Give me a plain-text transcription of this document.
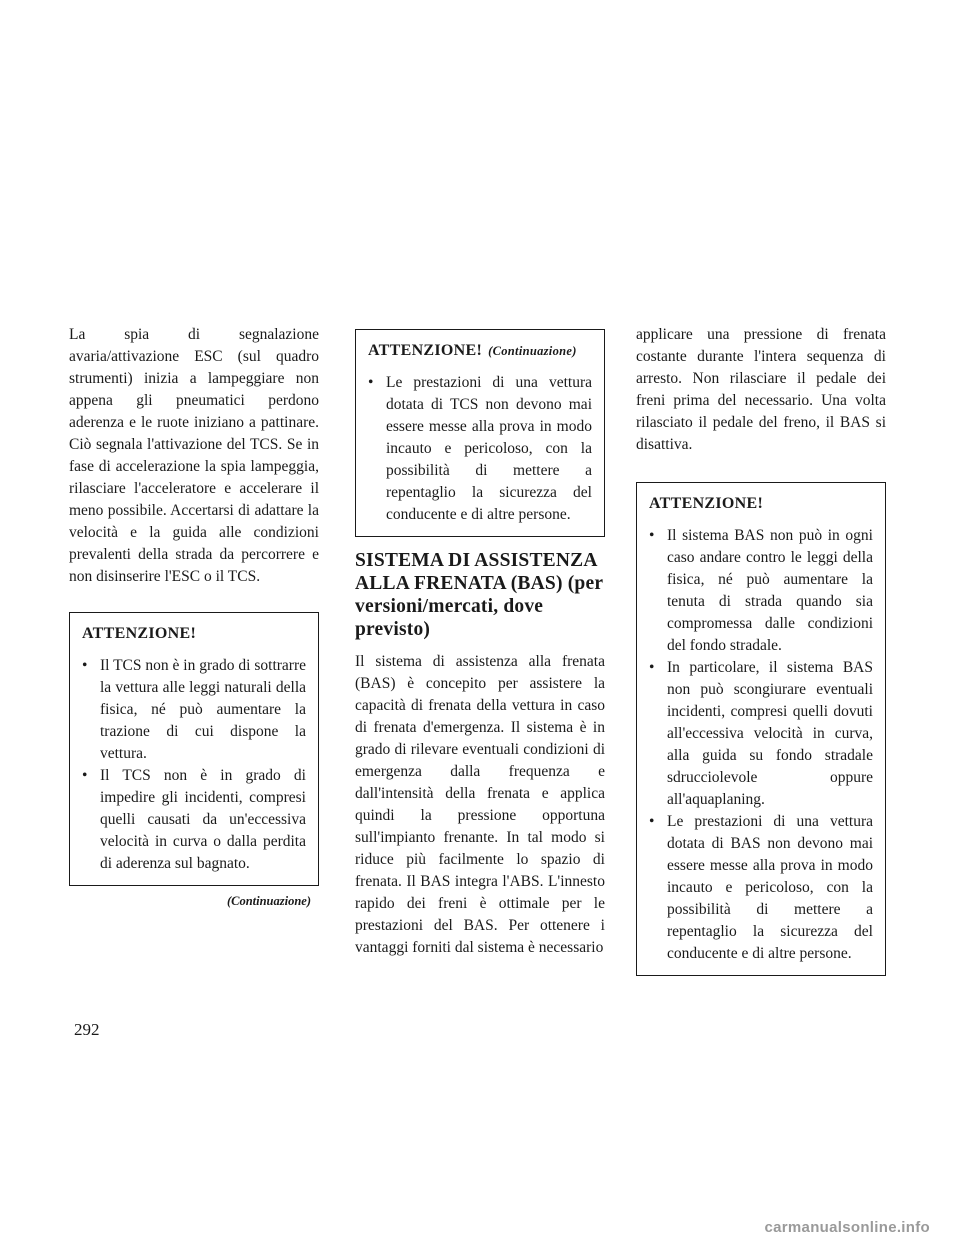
La spia di segnalazione avaria/attivazione ESC (sul quadro strumenti) inizia a lampeggiare non appena gli pneumatici perdono aderenza e le ruote iniziano a pattinare. Ciò segnala l'attivazione del TCS. Se in fase di accelerazione la spia lampeggia, rilasciare l'acceleratore e accelerare il meno possibile. Accertarsi di adattare la velocità e la guida alle condizioni prevalenti della strada da percorrere e non disinserire l'ESC o il TCS.

ATTENZIONE!
• Il TCS non è in grado di sottrarre la vettura alle leggi naturali della fisica, né può aumentare la trazione di cui dispone la vettura.
• Il TCS non è in grado di impedire gli incidenti, compresi quelli causati da un'eccessiva velocità in curva o dalla perdita di aderenza sul bagnato.
(Continuazione)
ATTENZIONE! (Continuazione)
• Le prestazioni di una vettura dotata di TCS non devono mai essere messe alla prova in modo incauto e pericoloso, con la possibilità di mettere a repentaglio la sicurezza del conducente e di altre persone.
SISTEMA DI ASSISTENZA ALLA FRENATA (BAS) (per versioni/mercati, dove previsto)

Il sistema di assistenza alla frenata (BAS) è concepito per assistere la capacità di frenata della vettura in caso di frenata d'emergenza. Il sistema è in grado di rilevare eventuali condizioni di emergenza dalla frequenza e dall'intensità della frenata e applica quindi la pressione opportuna sull'impianto frenante. In tal modo si riduce più facilmente lo spazio di frenata. Il BAS integra l'ABS. L'innesto rapido dei freni è ottimale per le prestazioni del BAS. Per ottenere i vantaggi forniti dal sistema è necessario

applicare una pressione di frenata costante durante l'intera sequenza di arresto. Non rilasciare il pedale dei freni prima del necessario. Una volta rilasciato il pedale del freno, il BAS si disattiva.

ATTENZIONE!
• Il sistema BAS non può in ogni caso andare contro le leggi della fisica, né può aumentare la tenuta di strada quando sia compromessa dalle condizioni del fondo stradale.
• In particolare, il sistema BAS non può scongiurare eventuali incidenti, compresi quelli dovuti all'eccessiva velocità in curva, alla guida su fondo stradale sdrucciolevole oppure all'aquaplaning.
• Le prestazioni di una vettura dotata di BAS non devono mai essere messe alla prova in modo incauto e pericoloso, con la possibilità di mettere a repentaglio la sicurezza del conducente e di altre persone.
292
carmanualsonline.info
